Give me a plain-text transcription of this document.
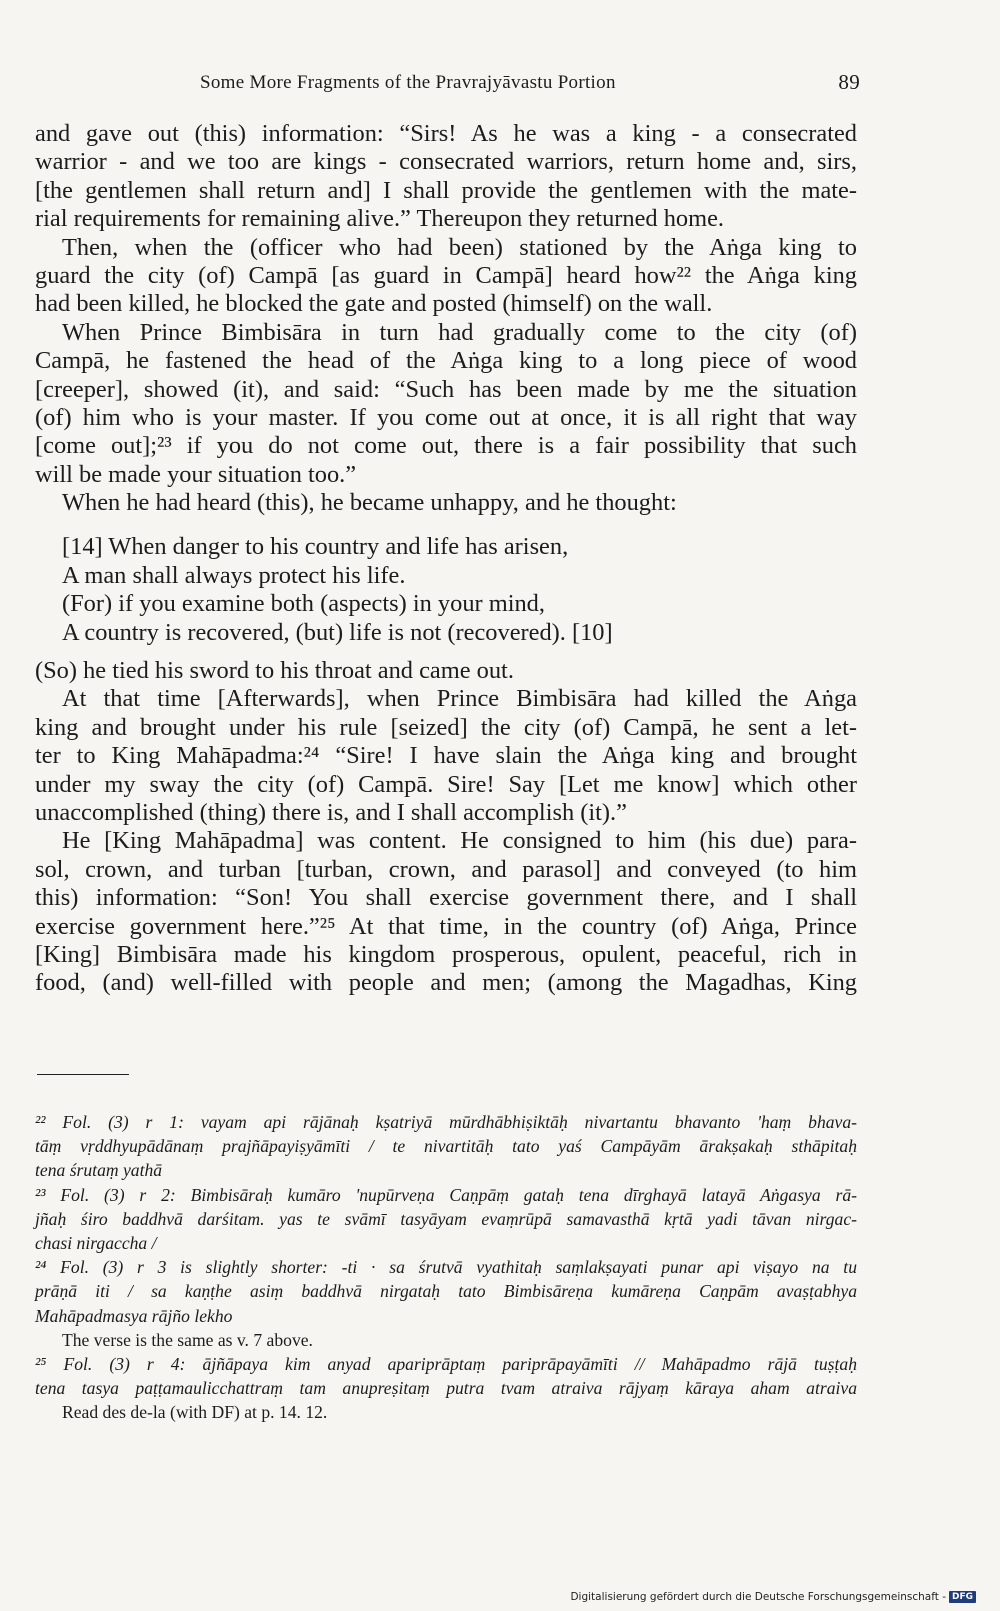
Some More Fragments of the Pravrajyāvastu Portion	89
and gave out (this) information: “Sirs! As he was a king - a consecrated
warrior - and we too are kings - consecrated warriors, return home and, sirs,
[the gentlemen shall return and] I shall provide the gentlemen with the mate-
rial requirements for remaining alive.” Thereupon they returned home.
Then, when the (officer who had been) stationed by the Aṅga king to
guard the city (of) Campā [as guard in Campā] heard how²² the Aṅga king
had been killed, he blocked the gate and posted (himself) on the wall.
When Prince Bimbisāra in turn had gradually come to the city (of)
Campā, he fastened the head of the Aṅga king to a long piece of wood
[creeper], showed (it), and said: “Such has been made by me the situation
(of) him who is your master. If you come out at once, it is all right that way
[come out];²³ if you do not come out, there is a fair possibility that such
will be made your situation too.”
When he had heard (this), he became unhappy, and he thought:
[14] When danger to his country and life has arisen,
A man shall always protect his life.
(For) if you examine both (aspects) in your mind,
A country is recovered, (but) life is not (recovered). [10]
(So) he tied his sword to his throat and came out.
At that time [Afterwards], when Prince Bimbisāra had killed the Aṅga
king and brought under his rule [seized] the city (of) Campā, he sent a let-
ter to King Mahāpadma:²⁴ “Sire! I have slain the Aṅga king and brought
under my sway the city (of) Campā. Sire! Say [Let me know] which other
unaccomplished (thing) there is, and I shall accomplish (it).”
He [King Mahāpadma] was content. He consigned to him (his due) para-
sol, crown, and turban [turban, crown, and parasol] and conveyed (to him
this) information: “Son! You shall exercise government there, and I shall
exercise government here.”²⁵ At that time, in the country (of) Aṅga, Prince
[King] Bimbisāra made his kingdom prosperous, opulent, peaceful, rich in
food, (and) well-filled with people and men; (among the Magadhas, King
²² Fol. (3) r 1: vayam api rājānaḥ kṣatriyā mūrdhābhiṣiktāḥ nivartantu bhavanto 'haṃ bhava-
tāṃ vṛddhyupādānaṃ prajñāpayiṣyāmīti / te nivartitāḥ tato yaś Campāyām ārakṣakaḥ sthāpitaḥ
tena śrutaṃ yathā
²³ Fol. (3) r 2: Bimbisāraḥ kumāro 'nupūrveṇa Caṇpāṃ gataḥ tena dīrghayā latayā Aṅgasya rā-
jñaḥ śiro baddhvā darśitam. yas te svāmī tasyāyam evaṃrūpā samavasthā kṛtā yadi tāvan nirgac-
chasi nirgaccha /
²⁴ Fol. (3) r 3 is slightly shorter: -ti · sa śrutvā vyathitaḥ saṃlakṣayati punar api viṣayo na tu
prāṇā iti / sa kaṇṭhe asiṃ baddhvā nirgataḥ tato Bimbisāreṇa kumāreṇa Caṇpām avaṣṭabhya
Mahāpadmasya rājño lekho
The verse is the same as v. 7 above.
²⁵ Fol. (3) r 4: ājñāpaya kim anyad apariprāptaṃ pariprāpayāmīti // Mahāpadmo rājā tuṣṭaḥ
tena tasya paṭṭamaulicchattraṃ tam anupreṣitaṃ putra tvam atraiva rājyaṃ kāraya aham atraiva
Read des de-la (with DF) at p. 14. 12.
Digitalisierung gefördert durch die Deutsche Forschungsgemeinschaft - DFG
